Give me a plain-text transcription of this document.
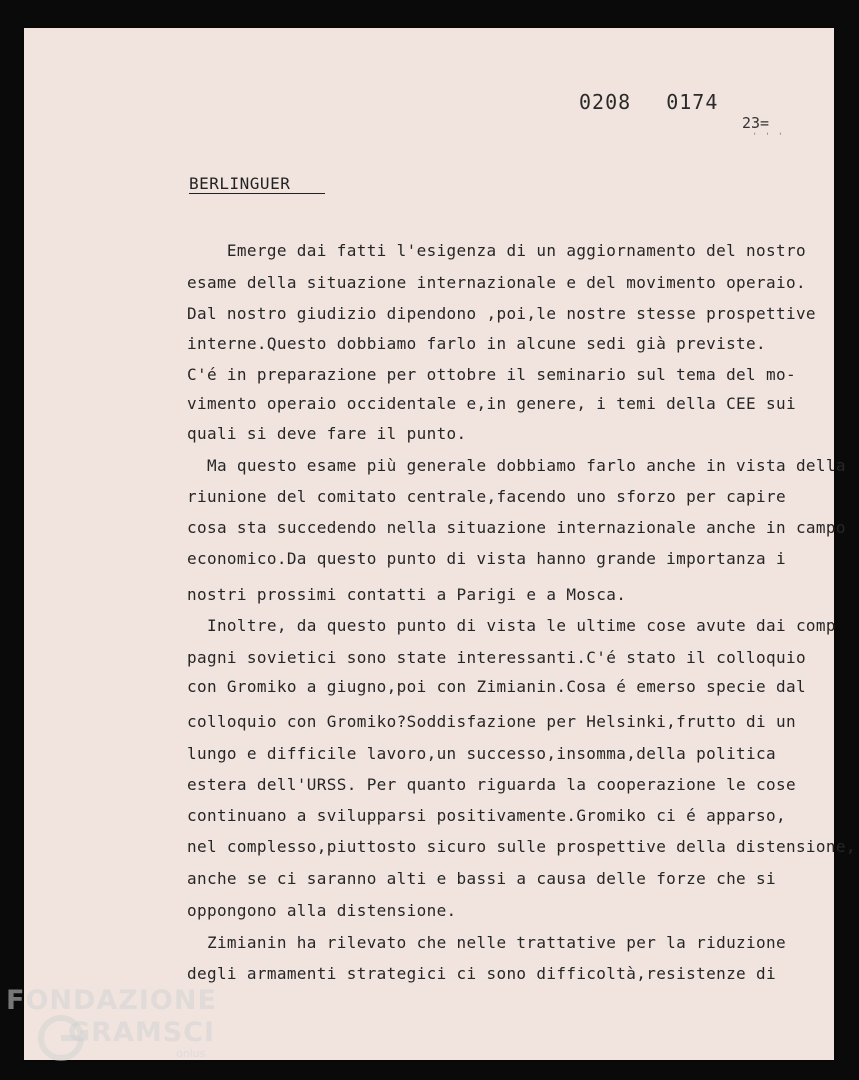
0208 0174
23=
' ' '
BERLINGUER
Emerge dai fatti l'esigenza di un aggiornamento del nostro
esame della situazione internazionale e del movimento operaio.
Dal nostro giudizio dipendono ,poi,le nostre stesse prospettive
interne.Questo dobbiamo farlo in alcune sedi già previste.
C'é in preparazione per ottobre il seminario sul tema del mo-
vimento operaio occidentale e,in genere, i temi della CEE sui
quali si deve fare il punto.
Ma questo esame più generale dobbiamo farlo anche in vista della
riunione del comitato centrale,facendo uno sforzo per capire
cosa sta succedendo nella situazione internazionale anche in campo
economico.Da questo punto di vista hanno grande importanza i
nostri prossimi contatti a Parigi e a Mosca.
Inoltre, da questo punto di vista le ultime cose avute dai comp
pagni sovietici sono state interessanti.C'é stato il colloquio
con Gromiko a giugno,poi con Zimianin.Cosa é emerso specie dal
colloquio con Gromiko?Soddisfazione per Helsinki,frutto di un
lungo e difficile lavoro,un successo,insomma,della politica
estera dell'URSS. Per quanto riguarda la cooperazione le cose
continuano a svilupparsi positivamente.Gromiko ci é apparso,
nel complesso,piuttosto sicuro sulle prospettive della distensione,
anche se ci saranno alti e bassi a causa delle forze che si
oppongono alla distensione.
Zimianin ha rilevato che nelle trattative per la riduzione
degli armamenti strategici ci sono difficoltà,resistenze di
FONDAZIONE
GRAMSCI
onlus
